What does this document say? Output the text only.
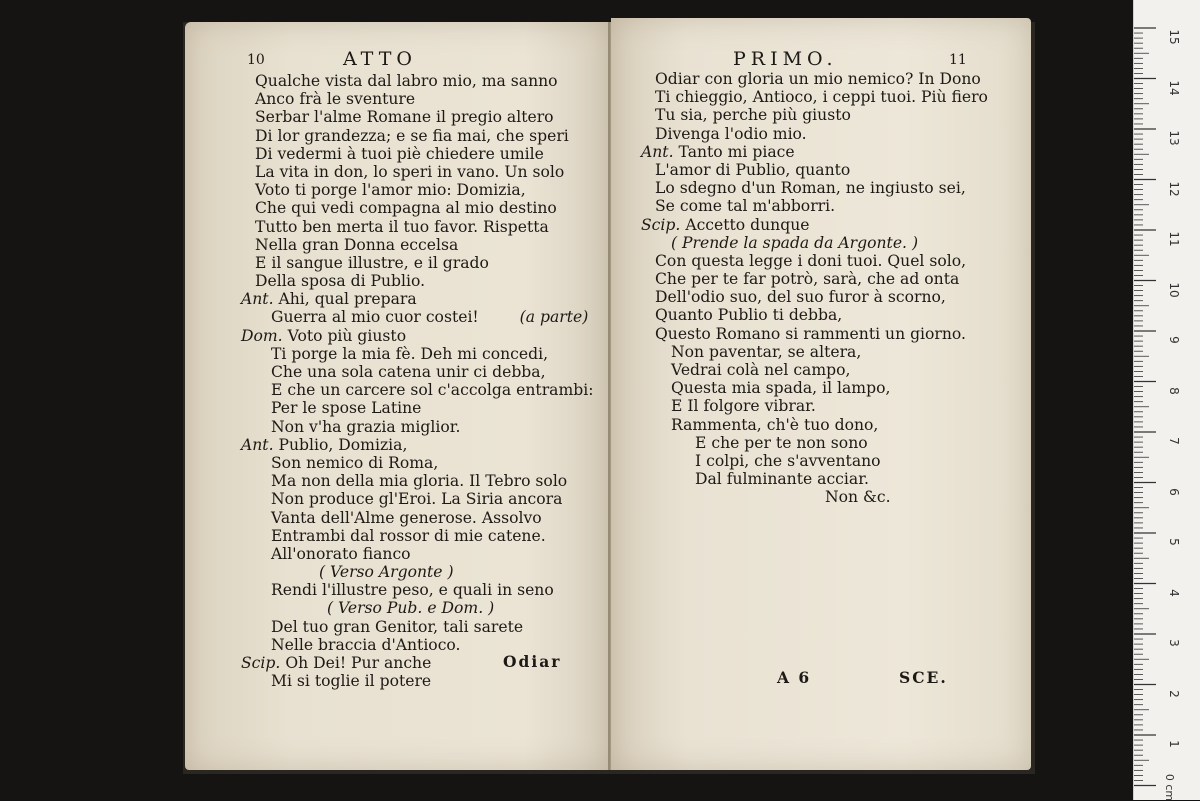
10	ATTO
Qualche vista dal labro mio, ma sanno
Anco frà le sventure
Serbar l'alme Romane il pregio altero
Di lor grandezza; e se fia mai, che speri
Di vedermi à tuoi piè chiedere umile
La vita in don, lo speri in vano. Un solo
Voto ti porge l'amor mio: Domizia,
Che qui vedi compagna al mio destino
Tutto ben merta il tuo favor. Rispetta
Nella gran Donna eccelsa
E il sangue illustre, e il grado
Della sposa di Publio.
Ant. Ahi, qual prepara
Guerra al mio cuor costei!	(a parte)
Dom. Voto più giusto
Ti porge la mia fè. Deh mi concedi,
Che una sola catena unir ci debba,
E che un carcere sol c'accolga entrambi:
Per le spose Latine
Non v'ha grazia miglior.
Ant. Publio, Domizia,
Son nemico di Roma,
Ma non della mia gloria. Il Tebro solo
Non produce gl'Eroi. La Siria ancora
Vanta dell'Alme generose. Assolvo
Entrambi dal rossor di mie catene.
All'onorato fianco
( Verso Argonte )
Rendi l'illustre peso, e quali in seno
( Verso Pub. e Dom. )
Del tuo gran Genitor, tali sarete
Nelle braccia d'Antioco.
Scip. Oh Dei! Pur anche
Mi si toglie il potere
Odiar
PRIMO.	11
Odiar con gloria un mio nemico? In Dono
Ti chieggio, Antioco, i ceppi tuoi. Più fiero
Tu sia, perche più giusto
Divenga l'odio mio.
Ant. Tanto mi piace
L'amor di Publio, quanto
Lo sdegno d'un Roman, ne ingiusto sei,
Se come tal m'abborri.
Scip. Accetto dunque
( Prende la spada da Argonte. )
Con questa legge i doni tuoi. Quel solo,
Che per te far potrò, sarà, che ad onta
Dell'odio suo, del suo furor à scorno,
Quanto Publio ti debba,
Questo Romano si rammenti un giorno.
Non paventar, se altera,
Vedrai colà nel campo,
Questa mia spada, il lampo,
E Il folgore vibrar.
Rammenta, ch'è tuo dono,
E che per te non sono
I colpi, che s'avventano
Dal fulminante acciar.
Non &c.
A 6	SCE.
15
14
13
12
11
10
9
8
7
6
5
4
3
2
1
0 cm
